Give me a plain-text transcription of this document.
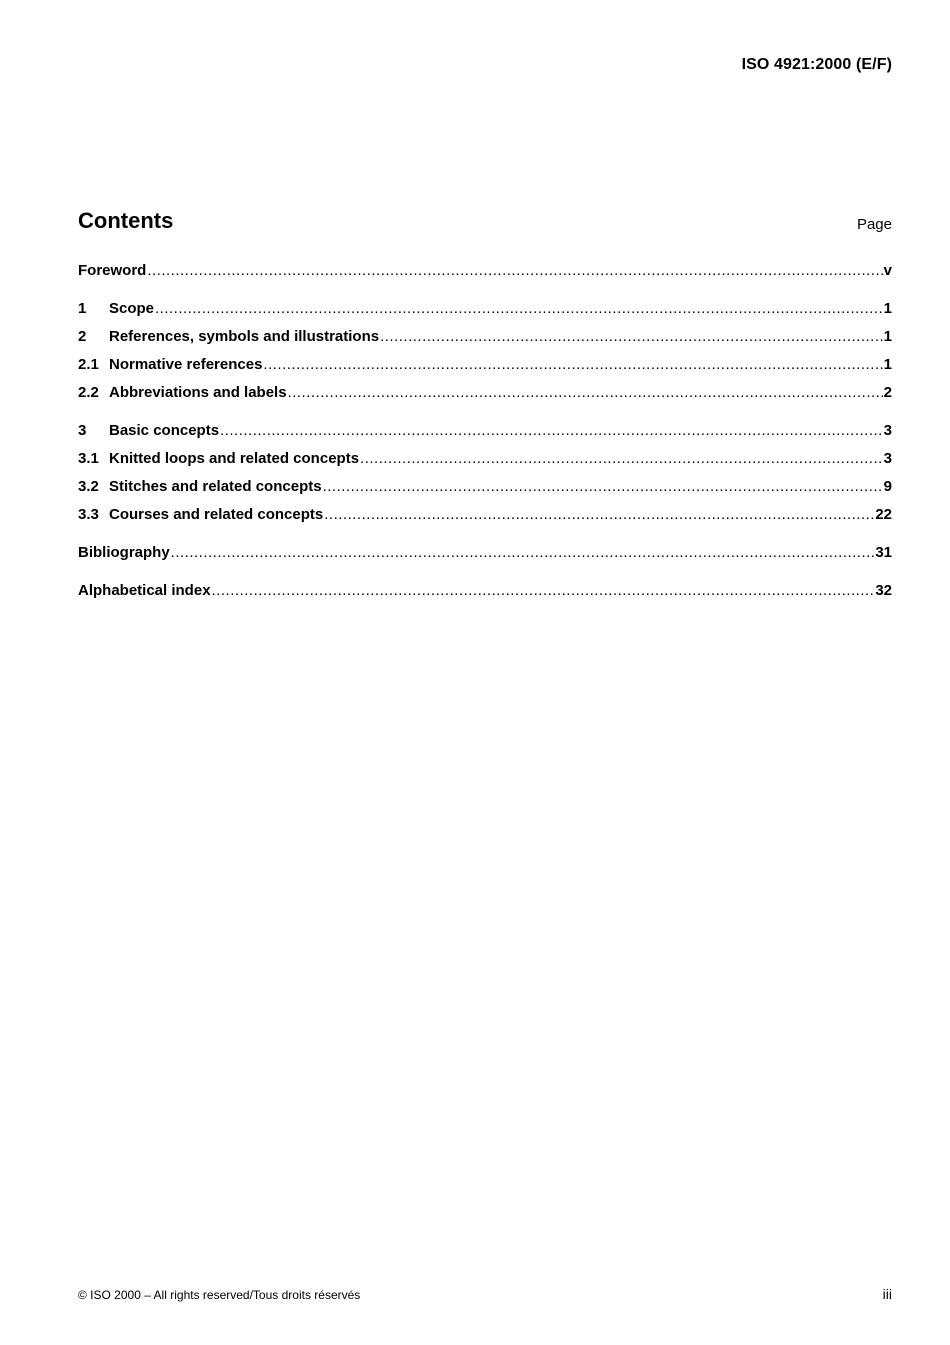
ISO 4921:2000 (E/F)
Contents	Page
Foreword .....	v
1	Scope .....	1
2	References, symbols and illustrations .....	1
2.1 Normative references .....	1
2.2 Abbreviations and labels .....	2
3	Basic concepts .....	3
3.1 Knitted loops and related concepts .....	3
3.2 Stitches and related concepts .....	9
3.3 Courses and related concepts .....	22
Bibliography .....	31
Alphabetical index .....	32
© ISO 2000 – All rights reserved/Tous droits réservés	iii
